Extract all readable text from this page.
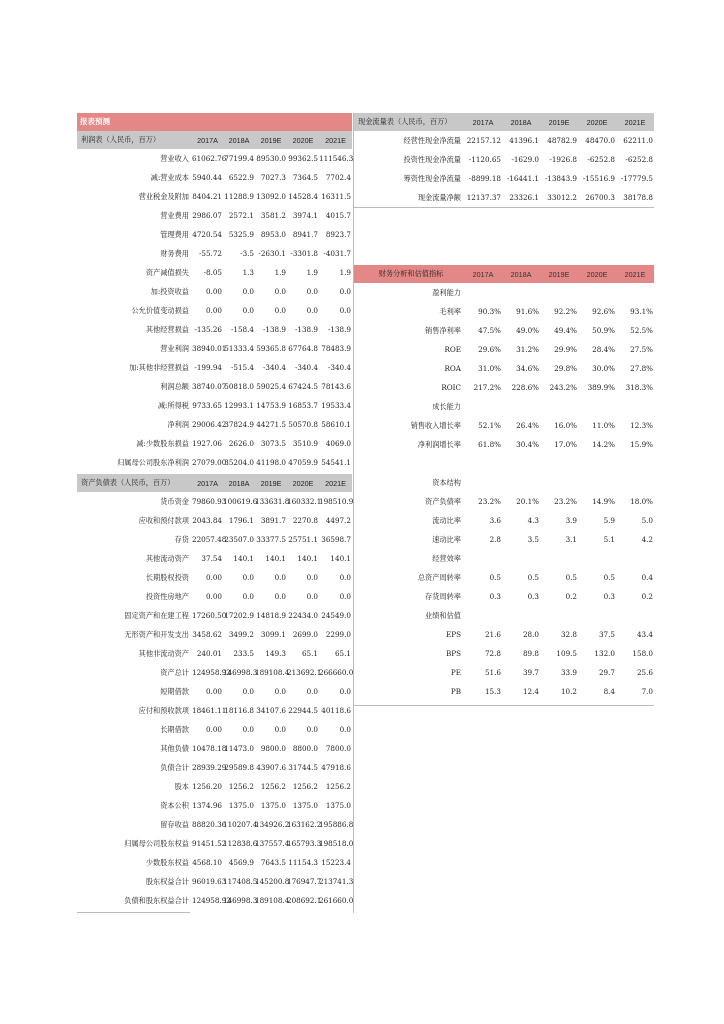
报表预测
利润表（人民币，百万）	2017A	2018A	2019E	2020E	2021E
营业收入	61062.76	77199.4	89530.0	99362.5	111546.3
减:营业成本	5940.44	6522.9	7027.3	7364.5	7702.4
营业税金及附加	8404.21	11288.9	13092.0	14528.4	16311.5
营业费用	2986.07	2572.1	3581.2	3974.1	4015.7
管理费用	4720.54	5325.9	8953.0	8941.7	8923.7
财务费用	-55.72	-3.5	-2630.1	-3301.8	-4031.7
资产减值损失	-8.05	1.3	1.9	1.9	1.9
加:投资收益	0.00	0.0	0.0	0.0	0.0
公允价值变动损益	0.00	0.0	0.0	0.0	0.0
其他经营损益	-135.26	-158.4	-138.9	-138.9	-138.9
营业利润	38940.01	51333.4	59365.8	67764.8	78483.9
加:其他非经营损益	-199.94	-515.4	-340.4	-340.4	-340.4
利润总额	38740.07	50818.0	59025.4	67424.5	78143.6
减:所得税	9733.65	12993.1	14753.9	16853.7	19533.4
净利润	29006.42	37824.9	44271.5	50570.8	58610.1
减:少数股东损益	1927.06	2626.0	3073.5	3510.9	4069.0
归属母公司股东净利润	27079.00	35204.0	41198.0	47059.9	54541.1
资产负债表（人民币，百万）	2017A	2018A	2019E	2020E	2021E
货币资金	79860.93	100619.6	133631.8	160332.1	198510.9
应收和预付款项	2043.84	1796.1	3891.7	2270.8	4497.2
存货	22057.48	23507.0	33377.5	25751.1	36598.7
其他流动资产	37.54	140.1	140.1	140.1	140.1
长期股权投资	0.00	0.0	0.0	0.0	0.0
投资性房地产	0.00	0.0	0.0	0.0	0.0
固定资产和在建工程	17260.50	17202.9	14818.9	22434.0	24549.0
无形资产和开发支出	3458.62	3499.2	3099.1	2699.0	2299.0
其他非流动资产	240.01	233.5	149.3	65.1	65.1
资产总计	124958.92	146998.3	189108.4	213692.1	266660.0
短期借款	0.00	0.0	0.0	0.0	0.0
应付和预收款项	18461.11	18116.8	34107.6	22944.5	40118.6
长期借款	0.00	0.0	0.0	0.0	0.0
其他负债	10478.18	11473.0	9800.0	8800.0	7800.0
负债合计	28939.29	29589.8	43907.6	31744.5	47918.6
股本	1256.20	1256.2	1256.2	1256.2	1256.2
资本公积	1374.96	1375.0	1375.0	1375.0	1375.0
留存收益	88820.36	110207.4	134926.2	163162.2	195886.8
归属母公司股东权益	91451.52	112838.6	137557.4	165793.3	198518.0
少数股东权益	4568.10	4569.9	7643.5	11154.3	15223.4
股东权益合计	96019.63	117408.5	145200.8	176947.7	213741.3
负债和股东权益合计	124958.92	146998.3	189108.4	208692.1	261660.0
现金流量表（人民币，百万）	2017A	2018A	2019E	2020E	2021E
经营性现金净流量	22157.12	41396.1	48782.9	48470.0	62211.0
投资性现金净流量	-1120.65	-1629.0	-1926.8	-6252.8	-6252.8
筹资性现金净流量	-8899.18	-16441.1	-13843.9	-15516.9	-17779.5
现金流量净额	12137.37	23326.1	33012.2	26700.3	38178.8
财务分析和估值指标	2017A	2018A	2019E	2020E	2021E
盈利能力					
毛利率	90.3%	91.6%	92.2%	92.6%	93.1%
销售净利率	47.5%	49.0%	49.4%	50.9%	52.5%
ROE	29.6%	31.2%	29.9%	28.4%	27.5%
ROA	31.0%	34.6%	29.8%	30.0%	27.8%
ROIC	217.2%	228.6%	243.2%	389.9%	318.3%
成长能力					
销售收入增长率	52.1%	26.4%	16.0%	11.0%	12.3%
净利润增长率	61.8%	30.4%	17.0%	14.2%	15.9%

资本结构					
资产负债率	23.2%	20.1%	23.2%	14.9%	18.0%
流动比率	3.6	4.3	3.9	5.9	5.0
速动比率	2.8	3.5	3.1	5.1	4.2
经营效率					
总资产周转率	0.5	0.5	0.5	0.5	0.4
存货周转率	0.3	0.3	0.2	0.3	0.2
业绩和估值					
EPS	21.6	28.0	32.8	37.5	43.4
BPS	72.8	89.8	109.5	132.0	158.0
PE	51.6	39.7	33.9	29.7	25.6
PB	15.3	12.4	10.2	8.4	7.0
